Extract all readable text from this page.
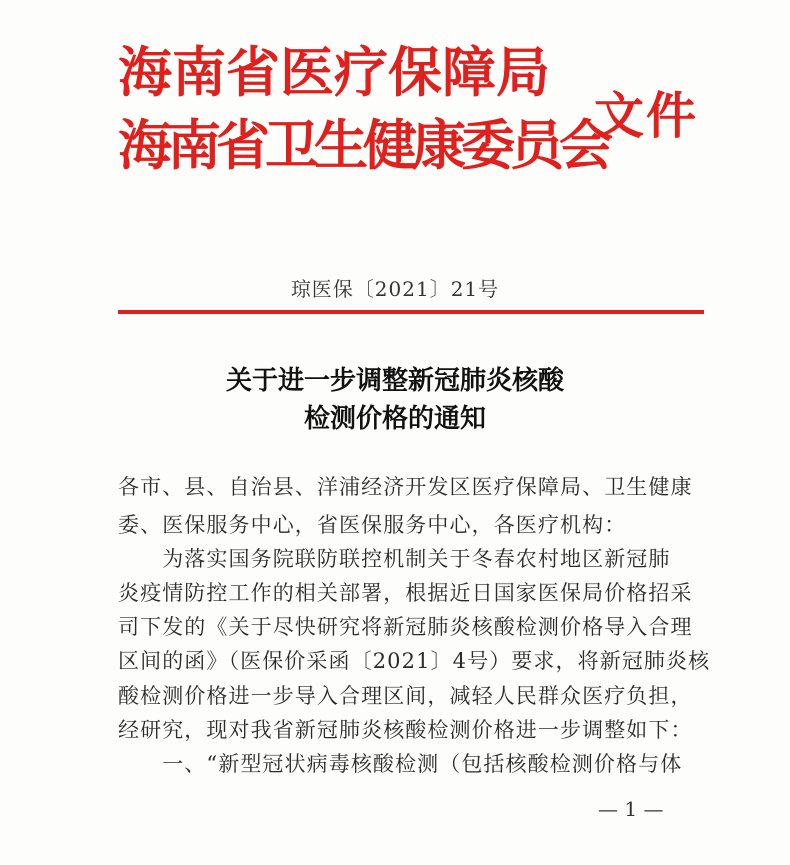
海南省医疗保障局
海南省卫生健康委员会
文件
琼医保〔2021〕21号
关于进一步调整新冠肺炎核酸
检测价格的通知
各市、县、自治县、洋浦经济开发区医疗保障局、卫生健康
委、医保服务中心，省医保服务中心，各医疗机构：
　　为落实国务院联防联控机制关于冬春农村地区新冠肺
炎疫情防控工作的相关部署，根据近日国家医保局价格招采
司下发的《关于尽快研究将新冠肺炎核酸检测价格导入合理
区间的函》（医保价采函〔2021〕4号）要求，将新冠肺炎核
酸检测价格进一步导入合理区间，减轻人民群众医疗负担，
经研究，现对我省新冠肺炎核酸检测价格进一步调整如下：
　　一、“新型冠状病毒核酸检测（包括核酸检测价格与体
— 1 —
